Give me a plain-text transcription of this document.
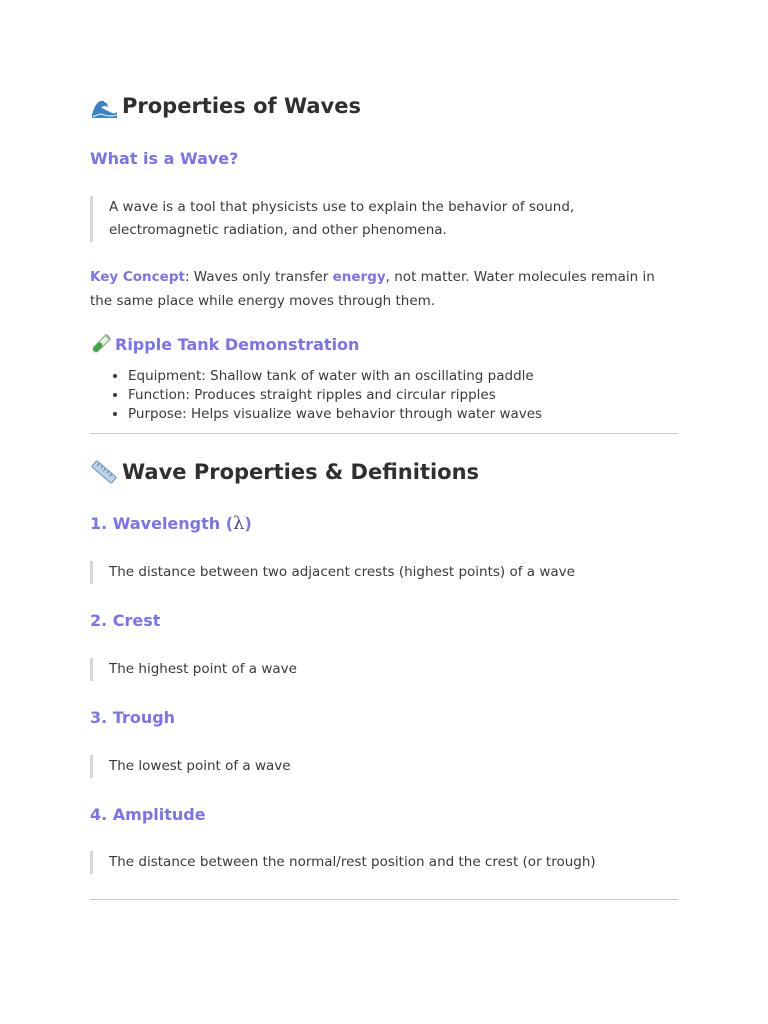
Properties of Waves
What is a Wave?
A wave is a tool that physicists use to explain the behavior of sound, electromagnetic radiation, and other phenomena.
Key Concept: Waves only transfer energy, not matter. Water molecules remain in the same place while energy moves through them.
Ripple Tank Demonstration
• Equipment: Shallow tank of water with an oscillating paddle
• Function: Produces straight ripples and circular ripples
• Purpose: Helps visualize wave behavior through water waves
Wave Properties & Definitions
1. Wavelength ( λ )
The distance between two adjacent crests (highest points) of a wave
2. Crest
The highest point of a wave
3. Trough
The lowest point of a wave
4. Amplitude
The distance between the normal/rest position and the crest (or trough)
